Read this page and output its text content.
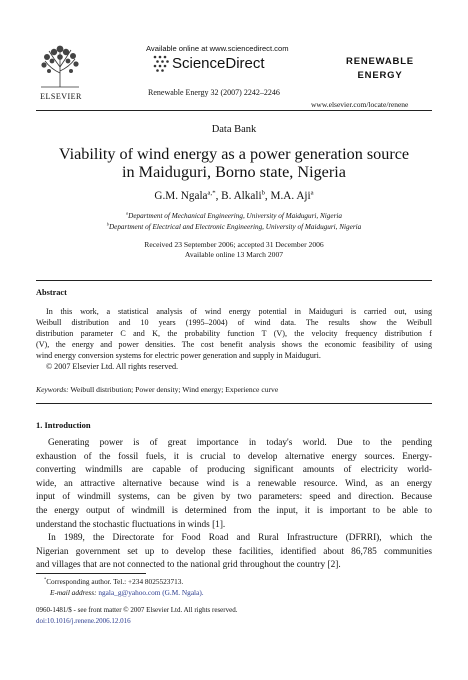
ELSEVIER
Available online at www.sciencedirect.com
ScienceDirect
Renewable Energy 32 (2007) 2242–2246
RENEWABLE
ENERGY
www.elsevier.com/locate/renene
Data Bank
Viability of wind energy as a power generation source
in Maiduguri, Borno state, Nigeria
G.M. Ngala$^{a,*}$, B. Alkali$^b$, M.A. Aji$^a$
$^a$Department of Mechanical Engineering, University of Maiduguri, Nigeria
$^b$Department of Electrical and Electronic Engineering, University of Maiduguri, Nigeria
Received 23 September 2006; accepted 31 December 2006
Available online 13 March 2007
Abstract
In this work, a statistical analysis of wind energy potential in Maiduguri is carried out, using
Weibull distribution and 10 years (1995–2004) of wind data. The results show the Weibull
distribution parameter C and K, the probability function T (V), the velocity frequency distribution f
(V), the energy and power densities. The cost benefit analysis shows the economic feasibility of using
wind energy conversion systems for electric power generation and supply in Maiduguri.
© 2007 Elsevier Ltd. All rights reserved.
Keywords: Weibull distribution; Power density; Wind energy; Experience curve
1. Introduction
Generating power is of great importance in today's world. Due to the pending
exhaustion of the fossil fuels, it is crucial to develop alternative energy sources. Energy-
converting windmills are capable of producing significant amounts of electricity world-
wide, an attractive alternative because wind is a renewable resource. Wind, as an energy
input of windmill systems, can be given by two parameters: speed and direction. Because
the energy output of windmill is determined from the input, it is important to be able to
understand the stochastic fluctuations in winds [1].
In 1989, the Directorate for Food Road and Rural Infrastructure (DFRRI), which the
Nigerian government set up to develop these facilities, identified about 86,785 communities
and villages that are not connected to the national grid throughout the country [2].
*Corresponding author. Tel.: +234 8025523713.
E-mail address: ngala_g@yahoo.com (G.M. Ngala).
0960-1481/$ - see front matter © 2007 Elsevier Ltd. All rights reserved.
doi:10.1016/j.renene.2006.12.016
